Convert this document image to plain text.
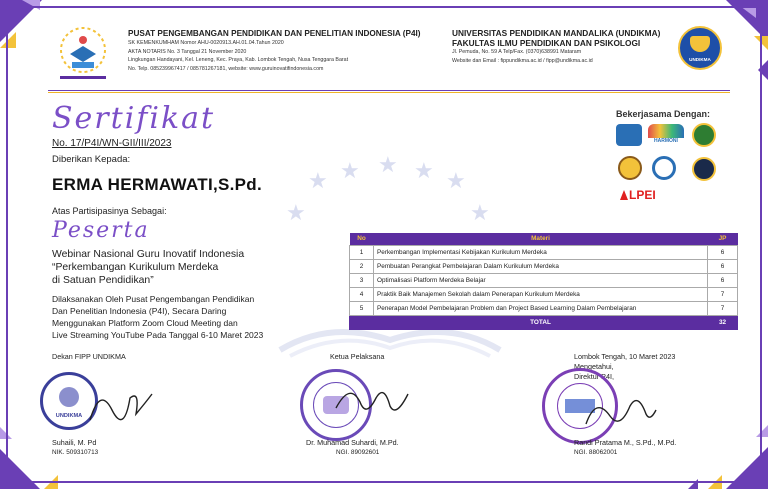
★ ★ ★ ★ ★
★	★
PUSAT PENGEMBANGAN PENDIDIKAN DAN PENELITIAN INDONESIA (P4I)
SK KEMENKUMHAM Nomor AHU-0020913.AH.01.04.Tahun 2020
AKTA NOTARIS No. 3 Tanggal 21 November 2020
Lingkungan Handayani, Kel. Leneng, Kec. Praya, Kab. Lombok Tengah, Nusa Tenggara Barat
No. Telp. 085239967417 / 085781267181, website: www.guruinovatifindonesia.com
UNIVERSITAS PENDIDIKAN MANDALIKA (UNDIKMA)
FAKULTAS ILMU PENDIDIKAN DAN PSIKOLOGI
Jl. Pemuda, No. 59 A Telp/Fax. (0370)638991 Mataram
Website dan Email : fippundikma.ac.id / fipp@undikma.ac.id	UNDIKMA
Sertifikat
No. 17/P4I/WN-GII/III/2023
Diberikan Kepada:
ERMA HERMAWATI,S.Pd.
Atas Partisipasinya Sebagai:
Peserta
Webinar Nasional Guru Inovatif Indonesia
“Perkembangan Kurikulum Merdeka
di Satuan Pendidikan”
Dilaksanakan Oleh Pusat Pengembangan Pendidikan
Dan Penelitian Indonesia (P4I), Secara Daring
Menggunakan Platform Zoom Cloud Meeting dan
Live Streaming YouTube Pada Tanggal 6-10 Maret 2023
Bekerjasama Dengan:
HARMONI
LPEI
No	Materi	JP
1	Perkembangan Implementasi Kebijakan Kurikulum Merdeka	6
2	Pembuatan Perangkat Pembelajaran Dalam Kurikulum Merdeka	6
3	Optimalisasi Platform Merdeka Belajar	6
4	Praktik Baik Manajemen Sekolah dalam Penerapan Kurikulum Merdeka	7
5	Penerapan Model Pembelajaran Problem dan Project Based Learning Dalam Pembelajaran	7
	TOTAL	32
Dekan FIPP UNDIKMA
UNDIKMA
Suhaili, M. Pd
NIK. 509310713
Ketua Pelaksana
Dr. Muhamad Suhardi, M.Pd.
NGI. 89092601
Lombok Tengah, 10 Maret 2023
Mengetahui,
Direktur P4I,
Randi Pratama M., S.Pd., M.Pd.
NGI. 88062001
